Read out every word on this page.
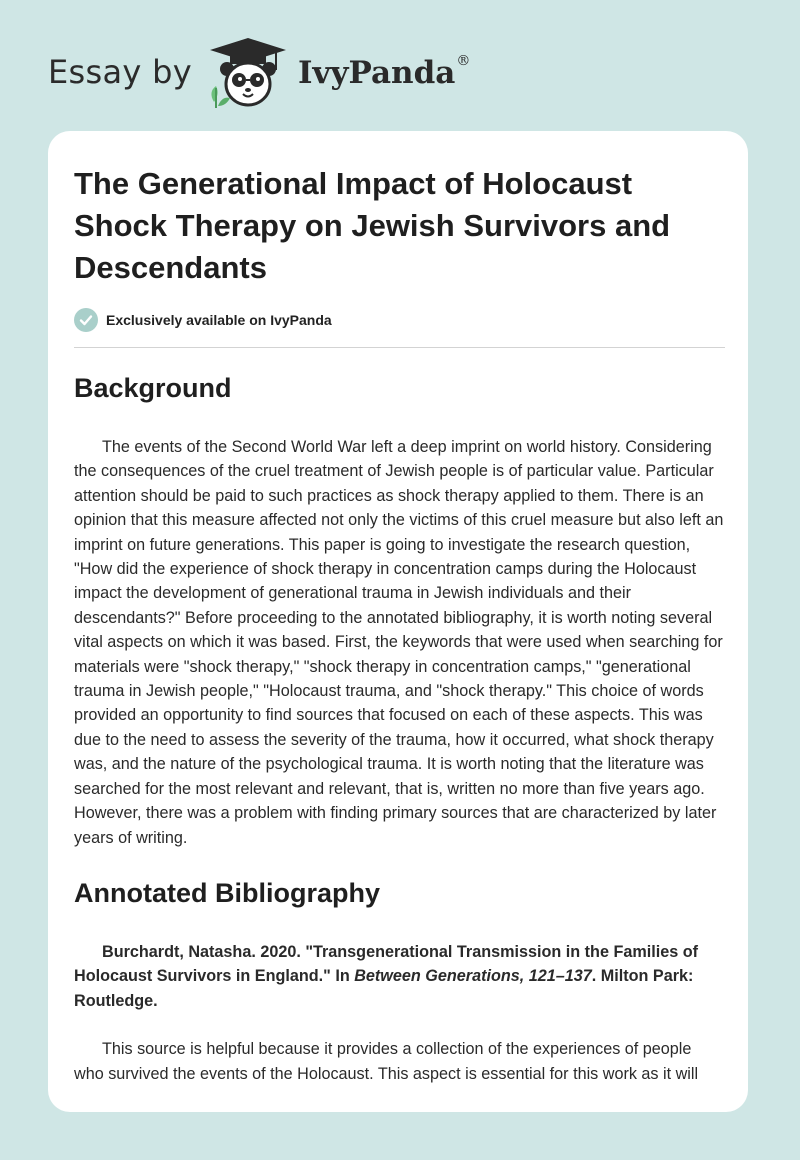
Essay by	IvyPanda®
The Generational Impact of Holocaust Shock Therapy on Jewish Survivors and Descendants
Exclusively available on IvyPanda
Background

The events of the Second World War left a deep imprint on world history. Considering the consequences of the cruel treatment of Jewish people is of particular value. Particular attention should be paid to such practices as shock therapy applied to them. There is an opinion that this measure affected not only the victims of this cruel measure but also left an imprint on future generations. This paper is going to investigate the research question, "How did the experience of shock therapy in concentration camps during the Holocaust impact the development of generational trauma in Jewish individuals and their descendants?" Before proceeding to the annotated bibliography, it is worth noting several vital aspects on which it was based. First, the keywords that were used when searching for materials were "shock therapy," "shock therapy in concentration camps," "generational trauma in Jewish people," "Holocaust trauma, and "shock therapy." This choice of words provided an opportunity to find sources that focused on each of these aspects. This was due to the need to assess the severity of the trauma, how it occurred, what shock therapy was, and the nature of the psychological trauma. It is worth noting that the literature was searched for the most relevant and relevant, that is, written no more than five years ago. However, there was a problem with finding primary sources that are characterized by later years of writing.

Annotated Bibliography

Burchardt, Natasha. 2020. "Transgenerational Transmission in the Families of Holocaust Survivors in England." In Between Generations, 121–137. Milton Park: Routledge.

This source is helpful because it provides a collection of the experiences of people who survived the events of the Holocaust. This aspect is essential for this work as it will
